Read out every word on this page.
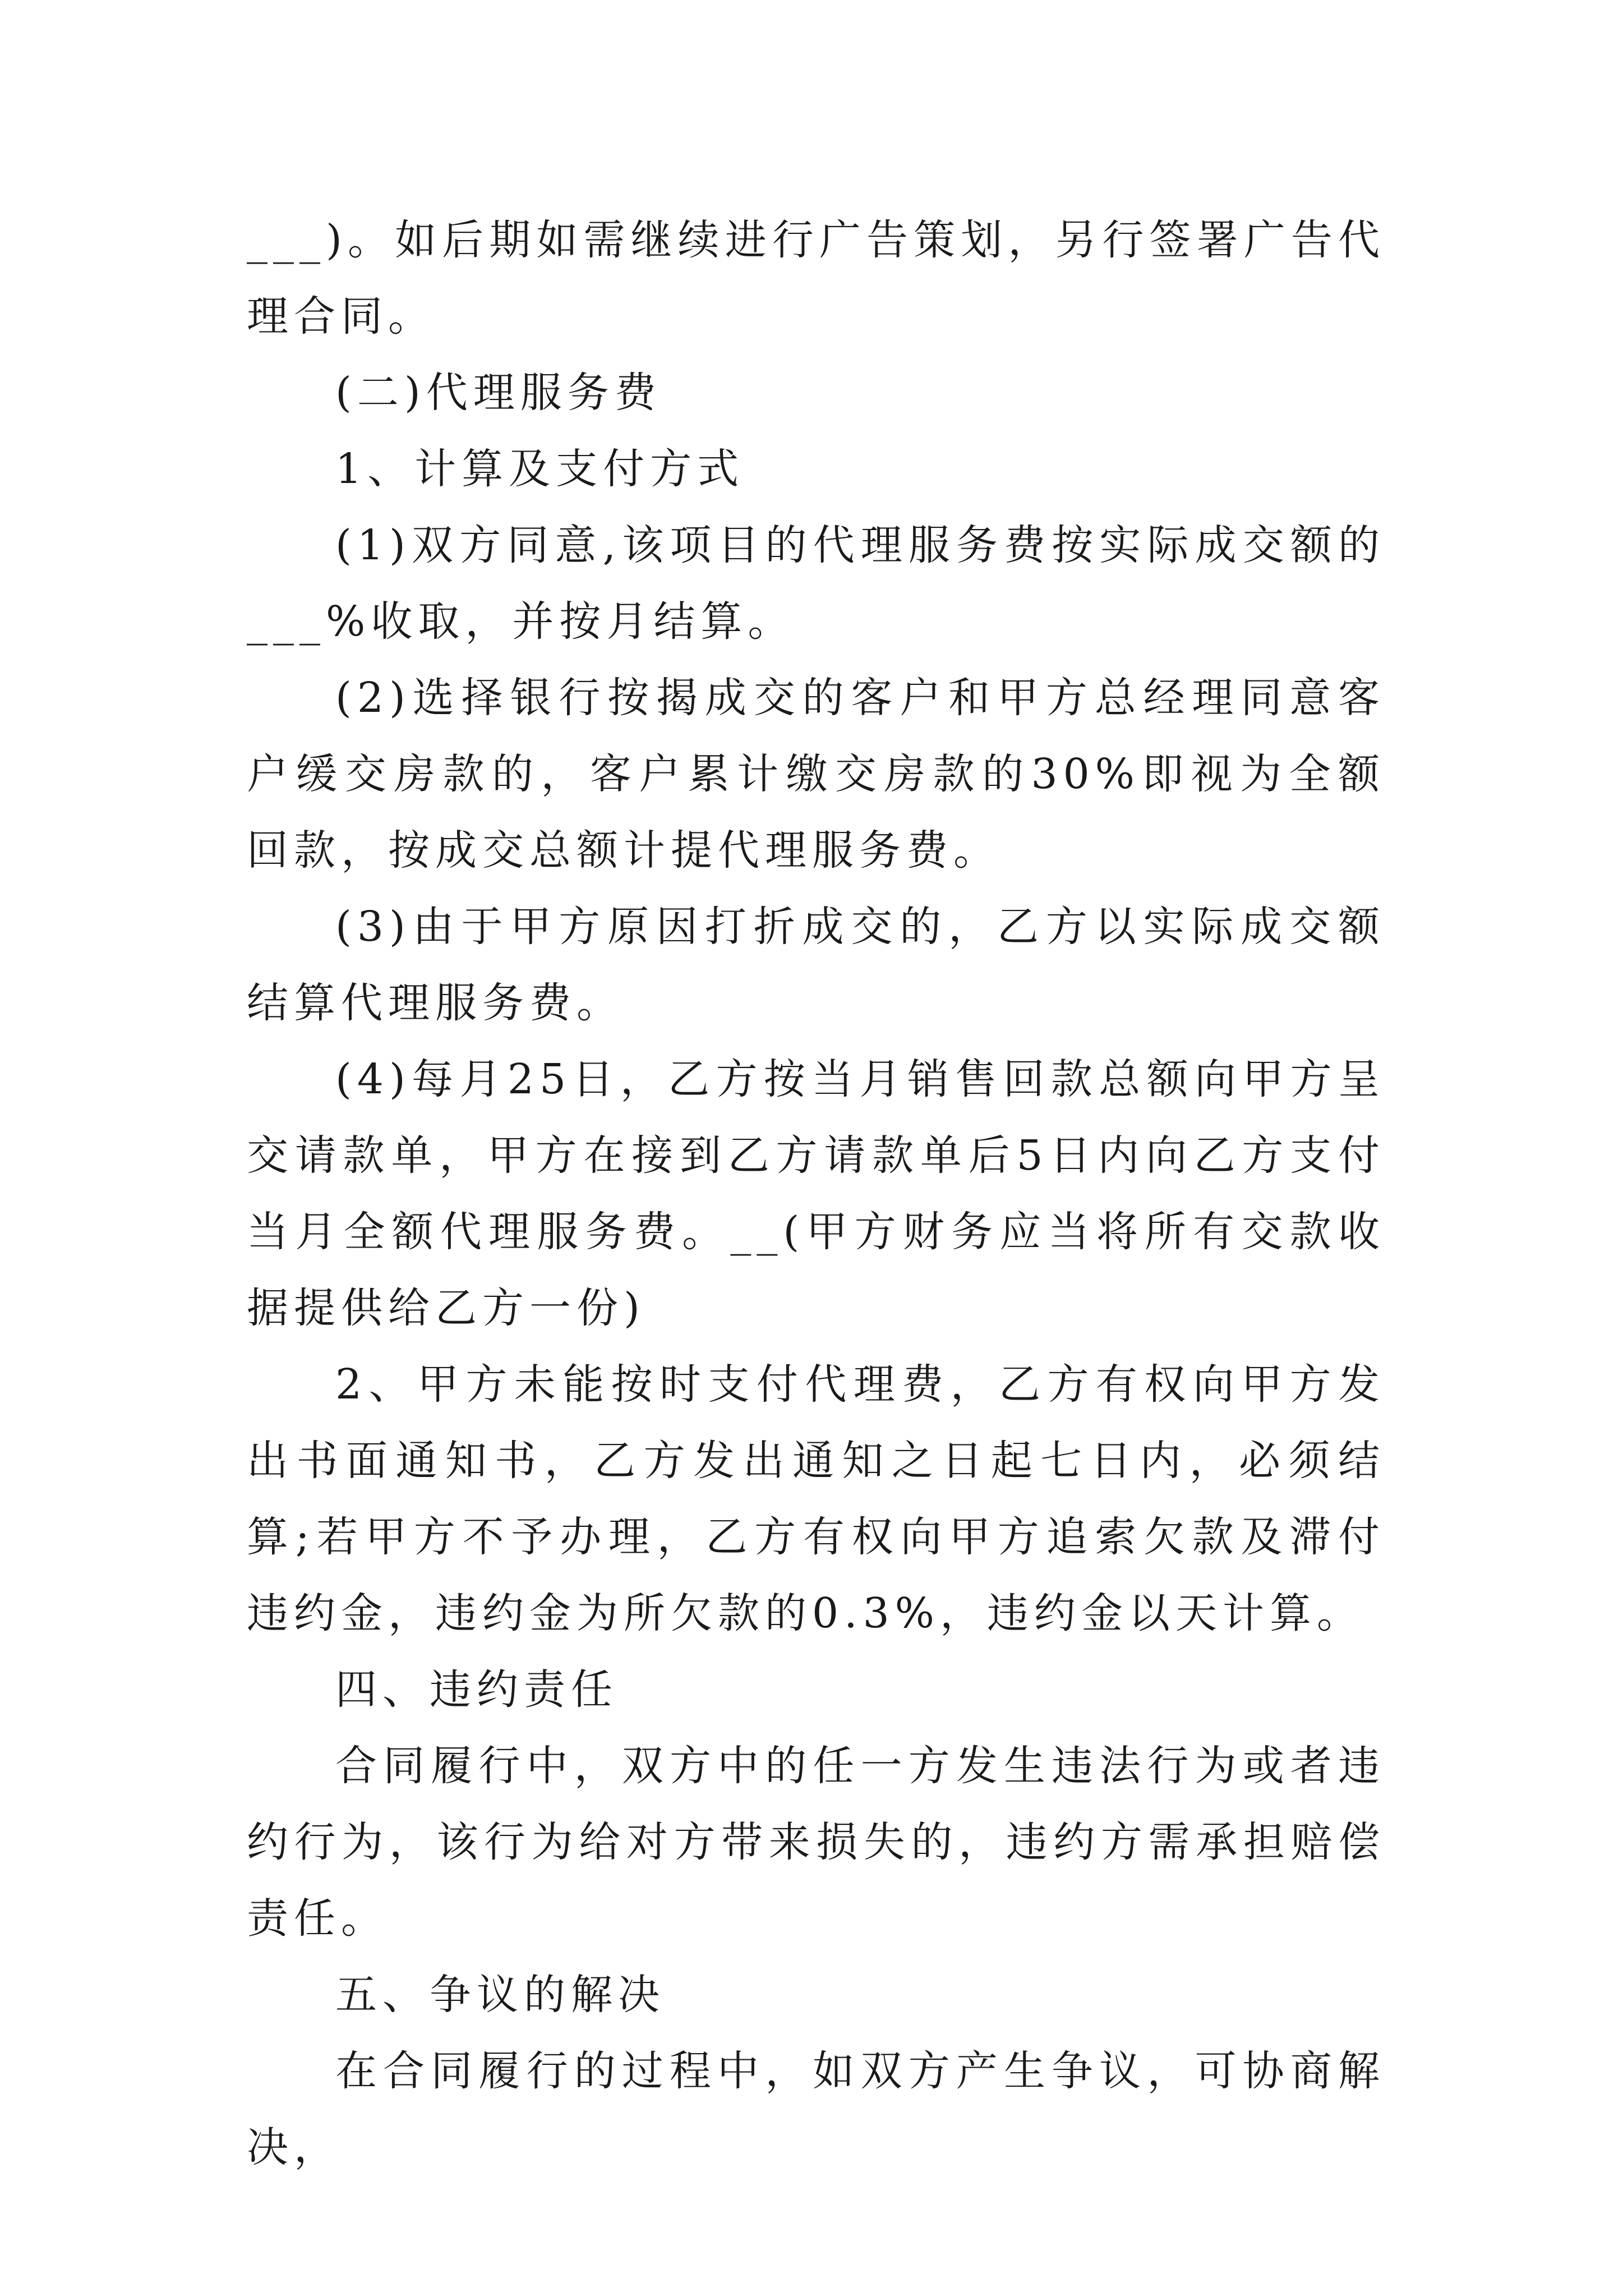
___)。如后期如需继续进行广告策划，另行签署广告代理合同。

(二)代理服务费

1、计算及支付方式

(1)双方同意,该项目的代理服务费按实际成交额的___%收取，并按月结算。

(2)选择银行按揭成交的客户和甲方总经理同意客户缓交房款的，客户累计缴交房款的30%即视为全额回款，按成交总额计提代理服务费。

(3)由于甲方原因打折成交的，乙方以实际成交额结算代理服务费。

(4)每月25日，乙方按当月销售回款总额向甲方呈交请款单，甲方在接到乙方请款单后5日内向乙方支付当月全额代理服务费。__(甲方财务应当将所有交款收据提供给乙方一份)

2、甲方未能按时支付代理费，乙方有权向甲方发出书面通知书，乙方发出通知之日起七日内，必须结算;若甲方不予办理，乙方有权向甲方追索欠款及滞付违约金，违约金为所欠款的0.3%，违约金以天计算。

四、违约责任

合同履行中，双方中的任一方发生违法行为或者违约行为，该行为给对方带来损失的，违约方需承担赔偿责任。

五、争议的解决

在合同履行的过程中，如双方产生争议，可协商解决，
